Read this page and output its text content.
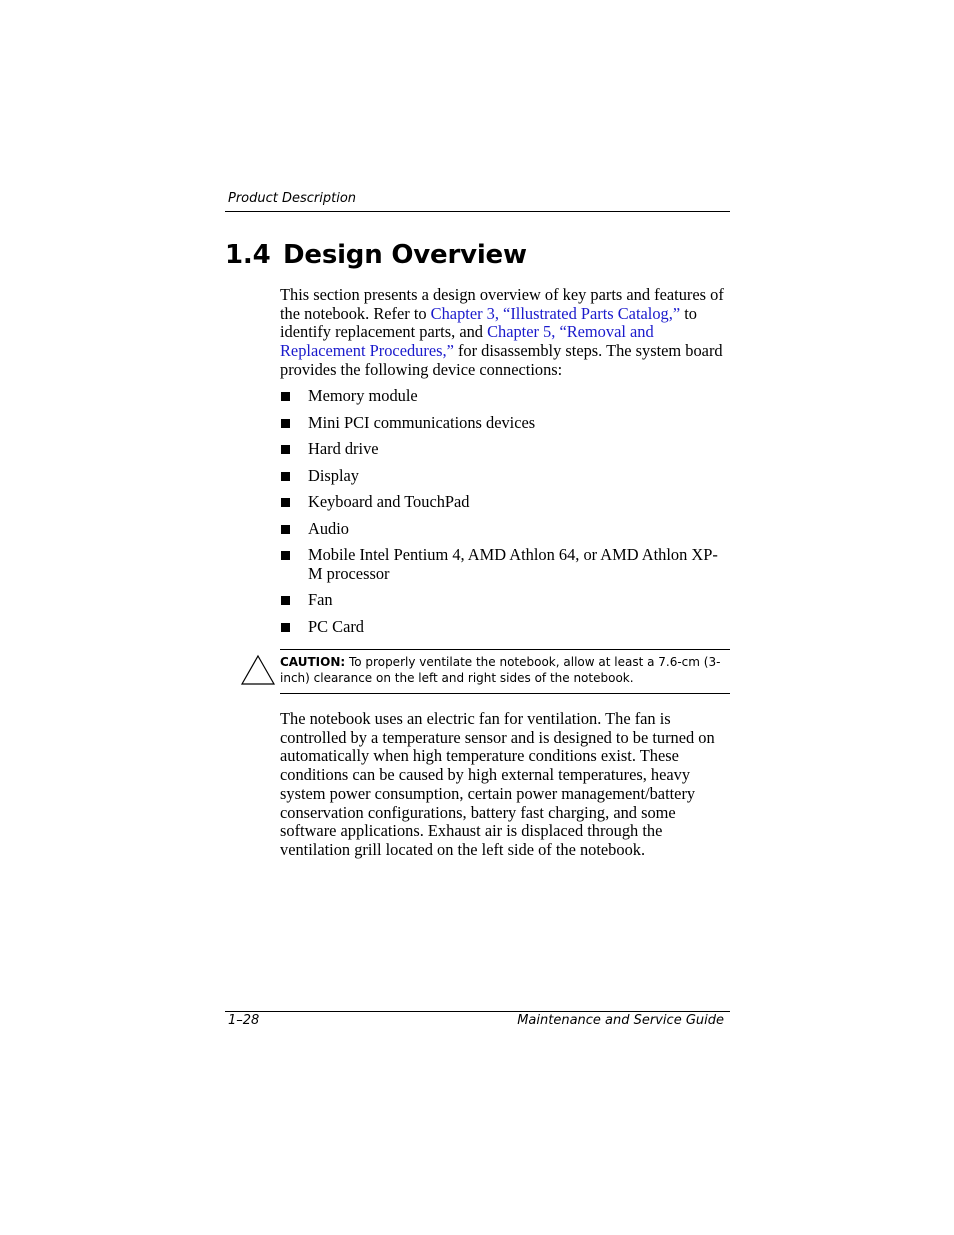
Product Description
1.4 Design Overview

This section presents a design overview of key parts and features of the notebook. Refer to Chapter 3, “Illustrated Parts Catalog,” to identify replacement parts, and Chapter 5, “Removal and Replacement Procedures,” for disassembly steps. The system board provides the following device connections:

Memory module
Mini PCI communications devices
Hard drive
Display
Keyboard and TouchPad
Audio
Mobile Intel Pentium 4, AMD Athlon 64, or AMD Athlon XP-M processor
Fan
PC Card

CAUTION: To properly ventilate the notebook, allow at least a 7.6-cm (3-inch) clearance on the left and right sides of the notebook.

The notebook uses an electric fan for ventilation. The fan is controlled by a temperature sensor and is designed to be turned on automatically when high temperature conditions exist. These conditions can be caused by high external temperatures, heavy system power consumption, certain power management/battery conservation configurations, battery fast charging, and some software applications. Exhaust air is displaced through the ventilation grill located on the left side of the notebook.

1–28	Maintenance and Service Guide
